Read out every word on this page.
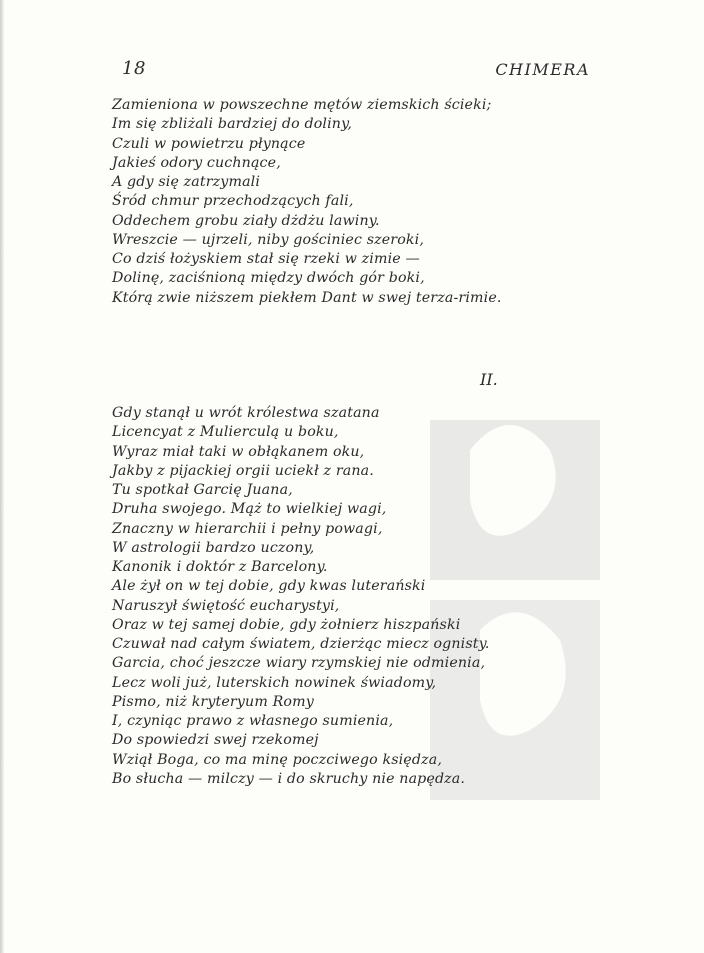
18	CHIMERA
Zamieniona w powszechne mętów ziemskich ścieki;
Im się zbliżali bardziej do doliny,
Czuli w powietrzu płynące
Jakieś odory cuchnące,
A gdy się zatrzymali
Śród chmur przechodzących fali,
Oddechem grobu ziały dżdżu lawiny.
Wreszcie — ujrzeli, niby gościniec szeroki,
Co dziś łożyskiem stał się rzeki w zimie —
Dolinę, zaciśnioną między dwóch gór boki,
Którą zwie niższem piekłem Dant w swej terza-rimie.
II.
Gdy stanął u wrót królestwa szatana
Licencyat z Mulierculą u boku,
Wyraz miał taki w obłąkanem oku,
Jakby z pijackiej orgii uciekł z rana.
Tu spotkał Garcię Juana,
Druha swojego. Mąż to wielkiej wagi,
Znaczny w hierarchii i pełny powagi,
W astrologii bardzo uczony,
Kanonik i doktór z Barcelony.
Ale żył on w tej dobie, gdy kwas luterański
Naruszył świętość eucharystyi,
Oraz w tej samej dobie, gdy żołnierz hiszpański
Czuwał nad całym światem, dzierżąc miecz ognisty.
Garcia, choć jeszcze wiary rzymskiej nie odmienia,
Lecz woli już, luterskich nowinek świadomy,
Pismo, niż kryteryum Romy
I, czyniąc prawo z własnego sumienia,
Do spowiedzi swej rzekomej
Wziął Boga, co ma minę poczciwego księdza,
Bo słucha — milczy — i do skruchy nie napędza.
